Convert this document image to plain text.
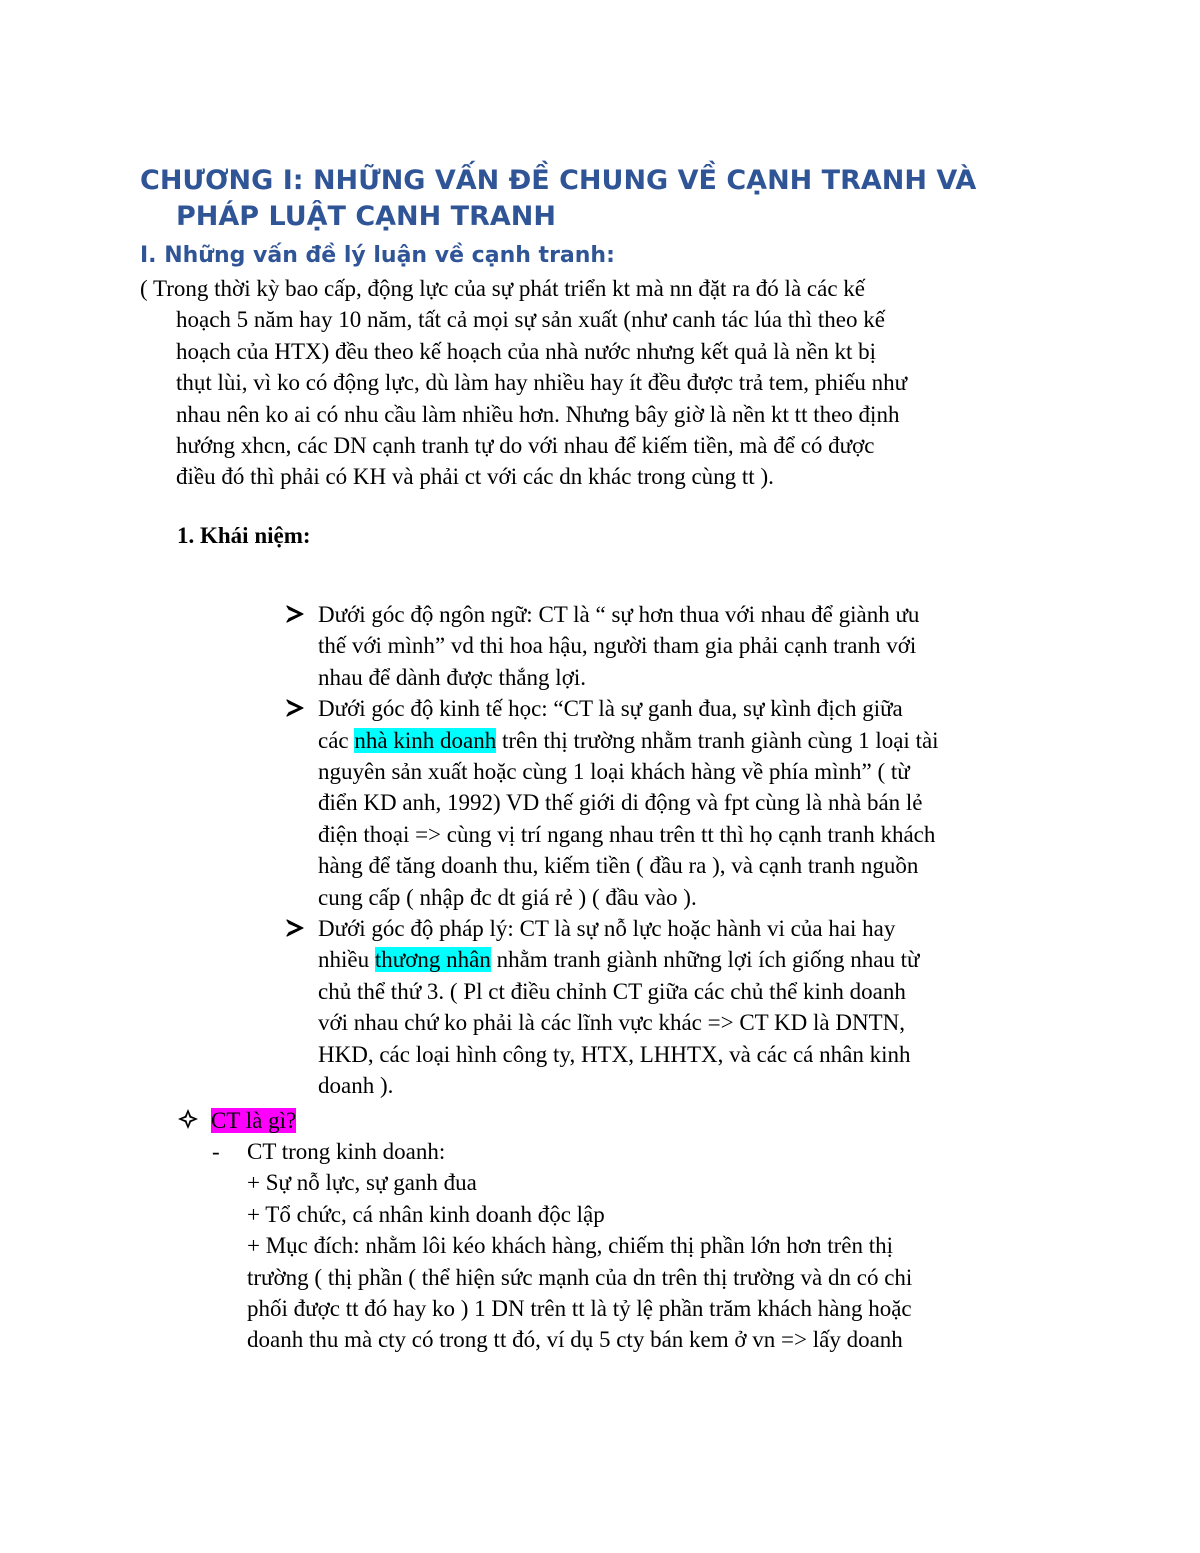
CHƯƠNG I: NHỮNG VẤN ĐỀ CHUNG VỀ CẠNH TRANH VÀ
PHÁP LUẬT CẠNH TRANH
I. Những vấn đề lý luận về cạnh tranh:
( Trong thời kỳ bao cấp, động lực của sự phát triển kt mà nn đặt ra đó là các kế
hoạch 5 năm hay 10 năm, tất cả mọi sự sản xuất (như canh tác lúa thì theo kế
hoạch của HTX) đều theo kế hoạch của nhà nước nhưng kết quả là nền kt bị
thụt lùi, vì ko có động lực, dù làm hay nhiều hay ít đều được trả tem, phiếu như
nhau nên ko ai có nhu cầu làm nhiều hơn. Nhưng bây giờ là nền kt tt theo định
hướng xhcn, các DN cạnh tranh tự do với nhau để kiếm tiền, mà để có được
điều đó thì phải có KH và phải ct với các dn khác trong cùng tt ).
1. Khái niệm:
Dưới góc độ ngôn ngữ: CT là “ sự hơn thua với nhau để giành ưu
thế với mình” vd thi hoa hậu, người tham gia phải cạnh tranh với
nhau để dành được thắng lợi.
Dưới góc độ kinh tế học: “CT là sự ganh đua, sự kình địch giữa
các nhà kinh doanh trên thị trường nhằm tranh giành cùng 1 loại tài
nguyên sản xuất hoặc cùng 1 loại khách hàng về phía mình” ( từ
điển KD anh, 1992) VD thế giới di động và fpt cùng là nhà bán lẻ
điện thoại => cùng vị trí ngang nhau trên tt thì họ cạnh tranh khách
hàng để tăng doanh thu, kiếm tiền ( đầu ra ), và cạnh tranh nguồn
cung cấp ( nhập đc dt giá rẻ ) ( đầu vào ).
Dưới góc độ pháp lý: CT là sự nỗ lực hoặc hành vi của hai hay
nhiều thương nhân nhằm tranh giành những lợi ích giống nhau từ
chủ thể thứ 3. ( Pl ct điều chỉnh CT giữa các chủ thể kinh doanh
với nhau chứ ko phải là các lĩnh vực khác => CT KD là DNTN,
HKD, các loại hình công ty, HTX, LHHTX, và các cá nhân kinh
doanh ).
CT là gì?
- CT trong kinh doanh:
+ Sự nỗ lực, sự ganh đua
+ Tổ chức, cá nhân kinh doanh độc lập
+ Mục đích: nhằm lôi kéo khách hàng, chiếm thị phần lớn hơn trên thị
trường ( thị phần ( thể hiện sức mạnh của dn trên thị trường và dn có chi
phối được tt đó hay ko ) 1 DN trên tt là tỷ lệ phần trăm khách hàng hoặc
doanh thu mà cty có trong tt đó, ví dụ 5 cty bán kem ở vn => lấy doanh
